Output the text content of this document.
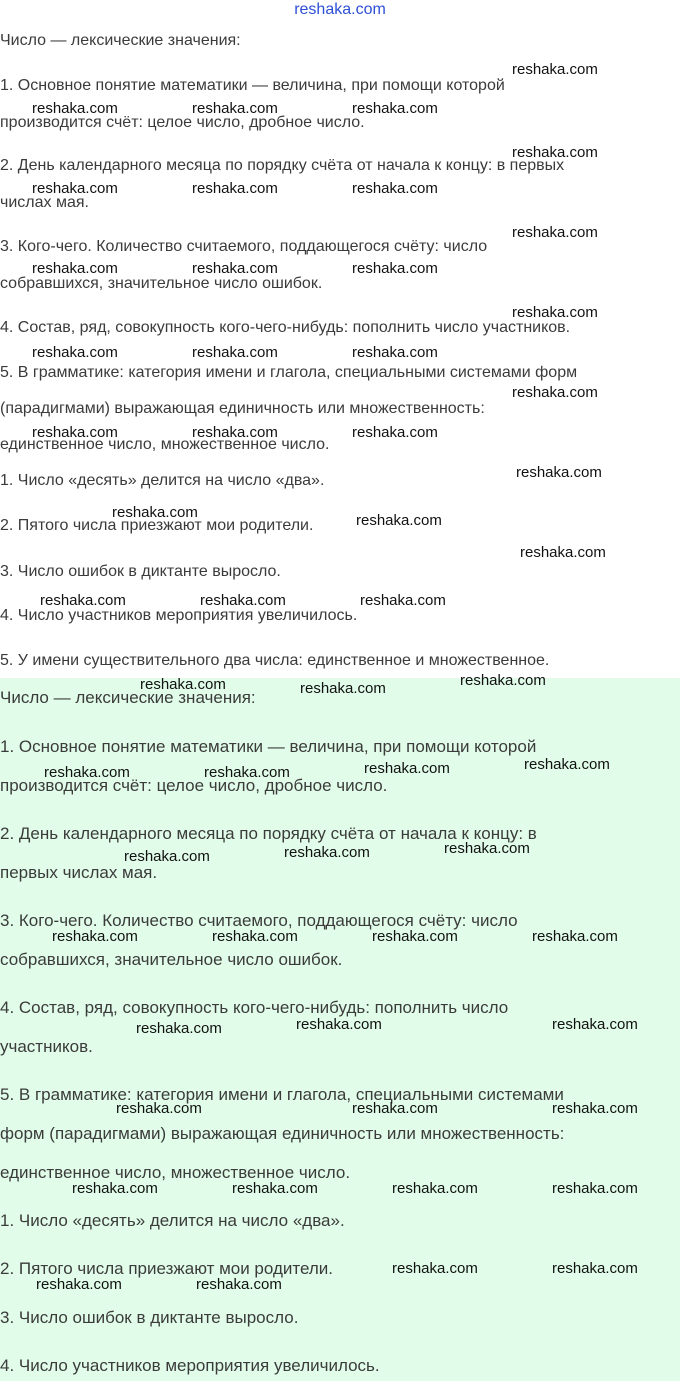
reshaka.com

Число — лексические значения:

1. Основное понятие математики — величина, при помощи которой

производится счёт: целое число, дробное число.

2. День календарного месяца по порядку счёта от начала к концу: в первых

числах мая.

3. Кого-чего. Количество считаемого, поддающегося счёту: число

собравшихся, значительное число ошибок.

4. Состав, ряд, совокупность кого-чего-нибудь: пополнить число участников.

5. В грамматике: категория имени и глагола, специальными системами форм

(парадигмами) выражающая единичность или множественность:

единственное число, множественное число.

1. Число «десять» делится на число «два».

2. Пятого числа приезжают мои родители.

3. Число ошибок в диктанте выросло.

4. Число участников мероприятия увеличилось.

5. У имени существительного два числа: единственное и множественное.

reshaka.com
reshaka.com	reshaka.com	reshaka.com
reshaka.com
reshaka.com	reshaka.com	reshaka.com
reshaka.com
reshaka.com	reshaka.com	reshaka.com
reshaka.com
reshaka.com	reshaka.com	reshaka.com
reshaka.com
reshaka.com	reshaka.com	reshaka.com
reshaka.com
reshaka.com	reshaka.com
reshaka.com
reshaka.com	reshaka.com	reshaka.com
reshaka.com	reshaka.com

Число — лексические значения:

1. Основное понятие математики — величина, при помощи которой

производится счёт: целое число, дробное число.

2. День календарного месяца по порядку счёта от начала к концу: в

первых числах мая.

3. Кого-чего. Количество считаемого, поддающегося счёту: число

собравшихся, значительное число ошибок.

4. Состав, ряд, совокупность кого-чего-нибудь: пополнить число

участников.

5. В грамматике: категория имени и глагола, специальными системами

форм (парадигмами) выражающая единичность или множественность:

единственное число, множественное число.

1. Число «десять» делится на число «два».

2. Пятого числа приезжают мои родители.

3. Число ошибок в диктанте выросло.

4. Число участников мероприятия увеличилось.

reshaka.com
reshaka.com	reshaka.com	reshaka.com	reshaka.com
reshaka.com	reshaka.com	reshaka.com
reshaka.com	reshaka.com	reshaka.com	reshaka.com
reshaka.com	reshaka.com	reshaka.com
reshaka.com	reshaka.com	reshaka.com
reshaka.com	reshaka.com	reshaka.com	reshaka.com
reshaka.com	reshaka.com
reshaka.com	reshaka.com
